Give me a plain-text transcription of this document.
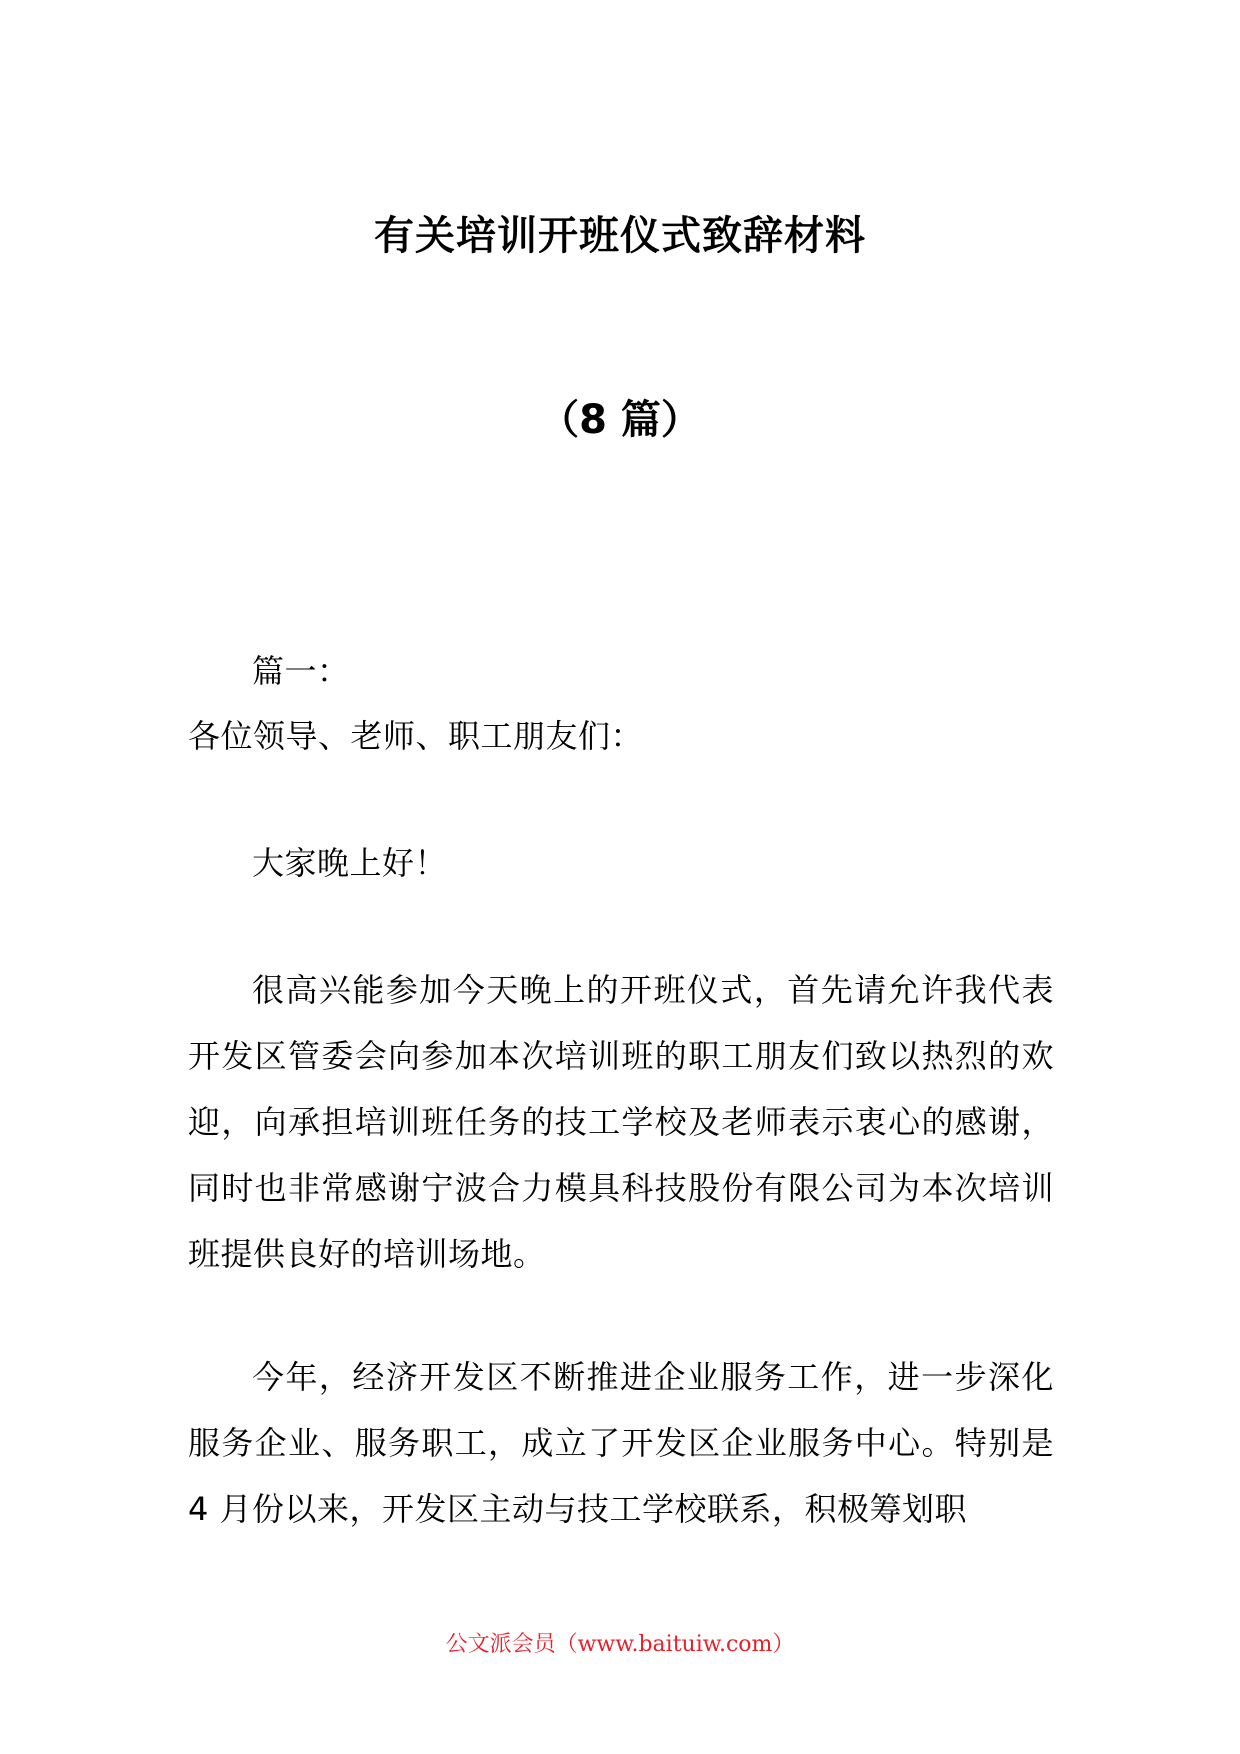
有关培训开班仪式致辞材料
（8 篇）
篇一：
各位领导、老师、职工朋友们：
大家晚上好！
很高兴能参加今天晚上的开班仪式，首先请允许我代表开发区管委会向参加本次培训班的职工朋友们致以热烈的欢迎，向承担培训班任务的技工学校及老师表示衷心的感谢，同时也非常感谢宁波合力模具科技股份有限公司为本次培训班提供良好的培训场地。
今年，经济开发区不断推进企业服务工作，进一步深化服务企业、服务职工，成立了开发区企业服务中心。特别是 4 月份以来，开发区主动与技工学校联系，积极筹划职
公文派会员（www.baituiw.com）
